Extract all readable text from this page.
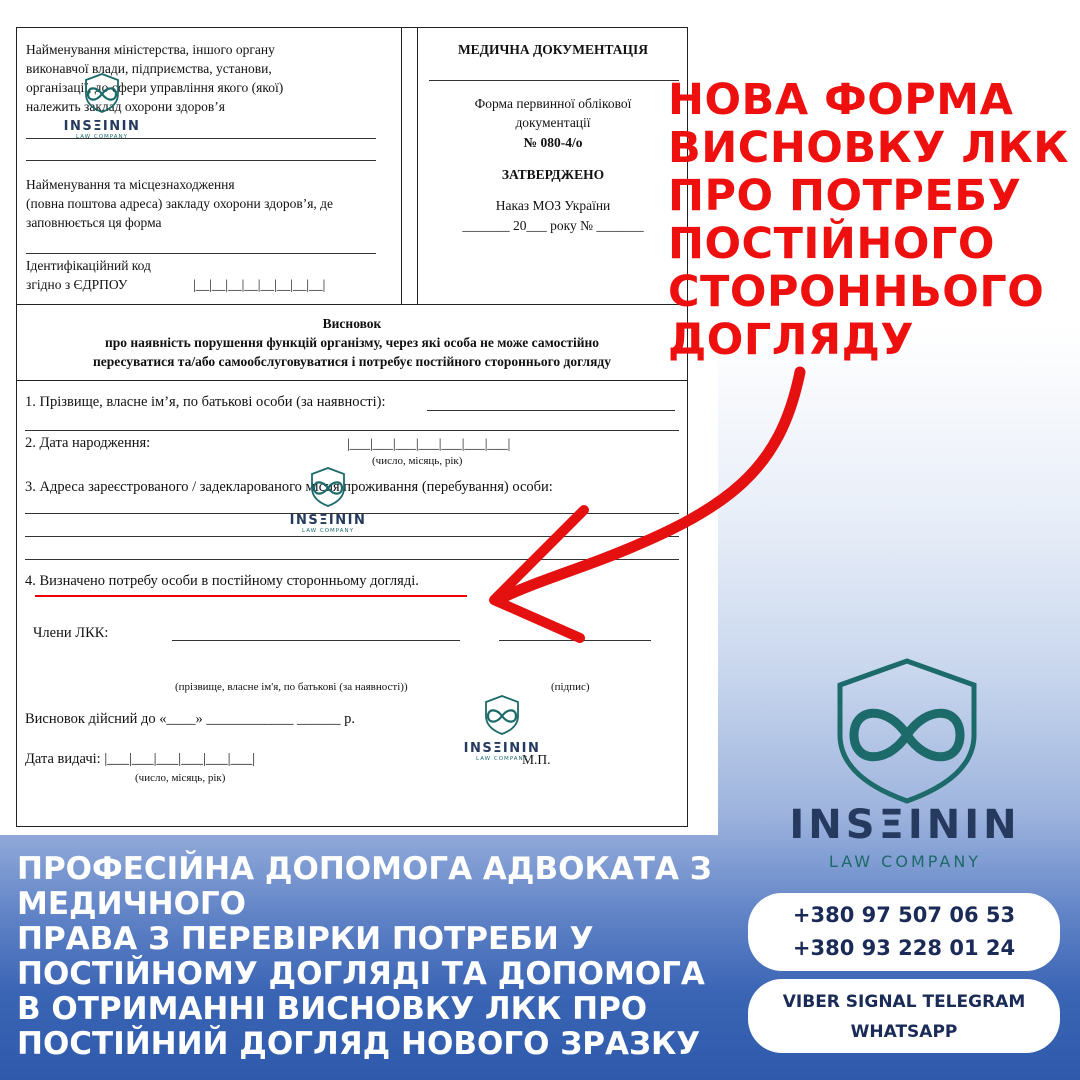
Найменування міністерства, іншого органу
виконавчої влади, підприємства, установи,
організації, до сфери управління якого (якої)
належить заклад охорони здоров’я
Найменування та місцезнаходження
(повна поштова адреса) закладу охорони здоров’я, де
заповнюється ця форма
Ідентифікаційний код
згідно з ЄДРПОУ	|__|__|__|__|__|__|__|__|
МЕДИЧНА ДОКУМЕНТАЦІЯ
Форма первинної облікової
документації
№ 080-4/о
ЗАТВЕРДЖЕНО
Наказ МОЗ України
_______ 20___ року № _______
Висновок
про наявність порушення функцій організму, через які особа не може самостійно
пересуватися та/або самообслуговуватися і потребує постійного стороннього догляду
1. Прізвище, власне ім’я, по батькові особи (за наявності):
2. Дата народження:	|___|___|___|___|___|___|___|
(число, місяць, рік)
3. Адреса зареєстрованого / задекларованого місця проживання (перебування) особи:
4. Визначено потребу особи в постійному сторонньому догляді.
Члени ЛКК:
(прізвище, власне ім'я, по батькові (за наявності))	(підпис)
Висновок дійсний до «____» ____________ ______ р.
Дата видачі: |___|___|___|___|___|___|
(число, місяць, рік)
М.П.
INSΞININ
LAW COMPANY
INSΞININ
LAW COMPANY
INSΞININ
LAW COMPANY
НОВА ФОРМА
ВИСНОВКУ ЛКК
ПРО ПОТРЕБУ
ПОСТІЙНОГО
СТОРОННЬОГО
ДОГЛЯДУ
INSΞININ
LAW COMPANY
ПРОФЕСІЙНА ДОПОМОГА АДВОКАТА З
МЕДИЧНОГО
ПРАВА З ПЕРЕВІРКИ ПОТРЕБИ У
ПОСТІЙНОМУ ДОГЛЯДІ ТА ДОПОМОГА
В ОТРИМАННІ ВИСНОВКУ ЛКК ПРО
ПОСТІЙНИЙ ДОГЛЯД НОВОГО ЗРАЗКУ
+380 97 507 06 53
+380 93 228 01 24
VIBER SIGNAL TELEGRAM
WHATSAPP
